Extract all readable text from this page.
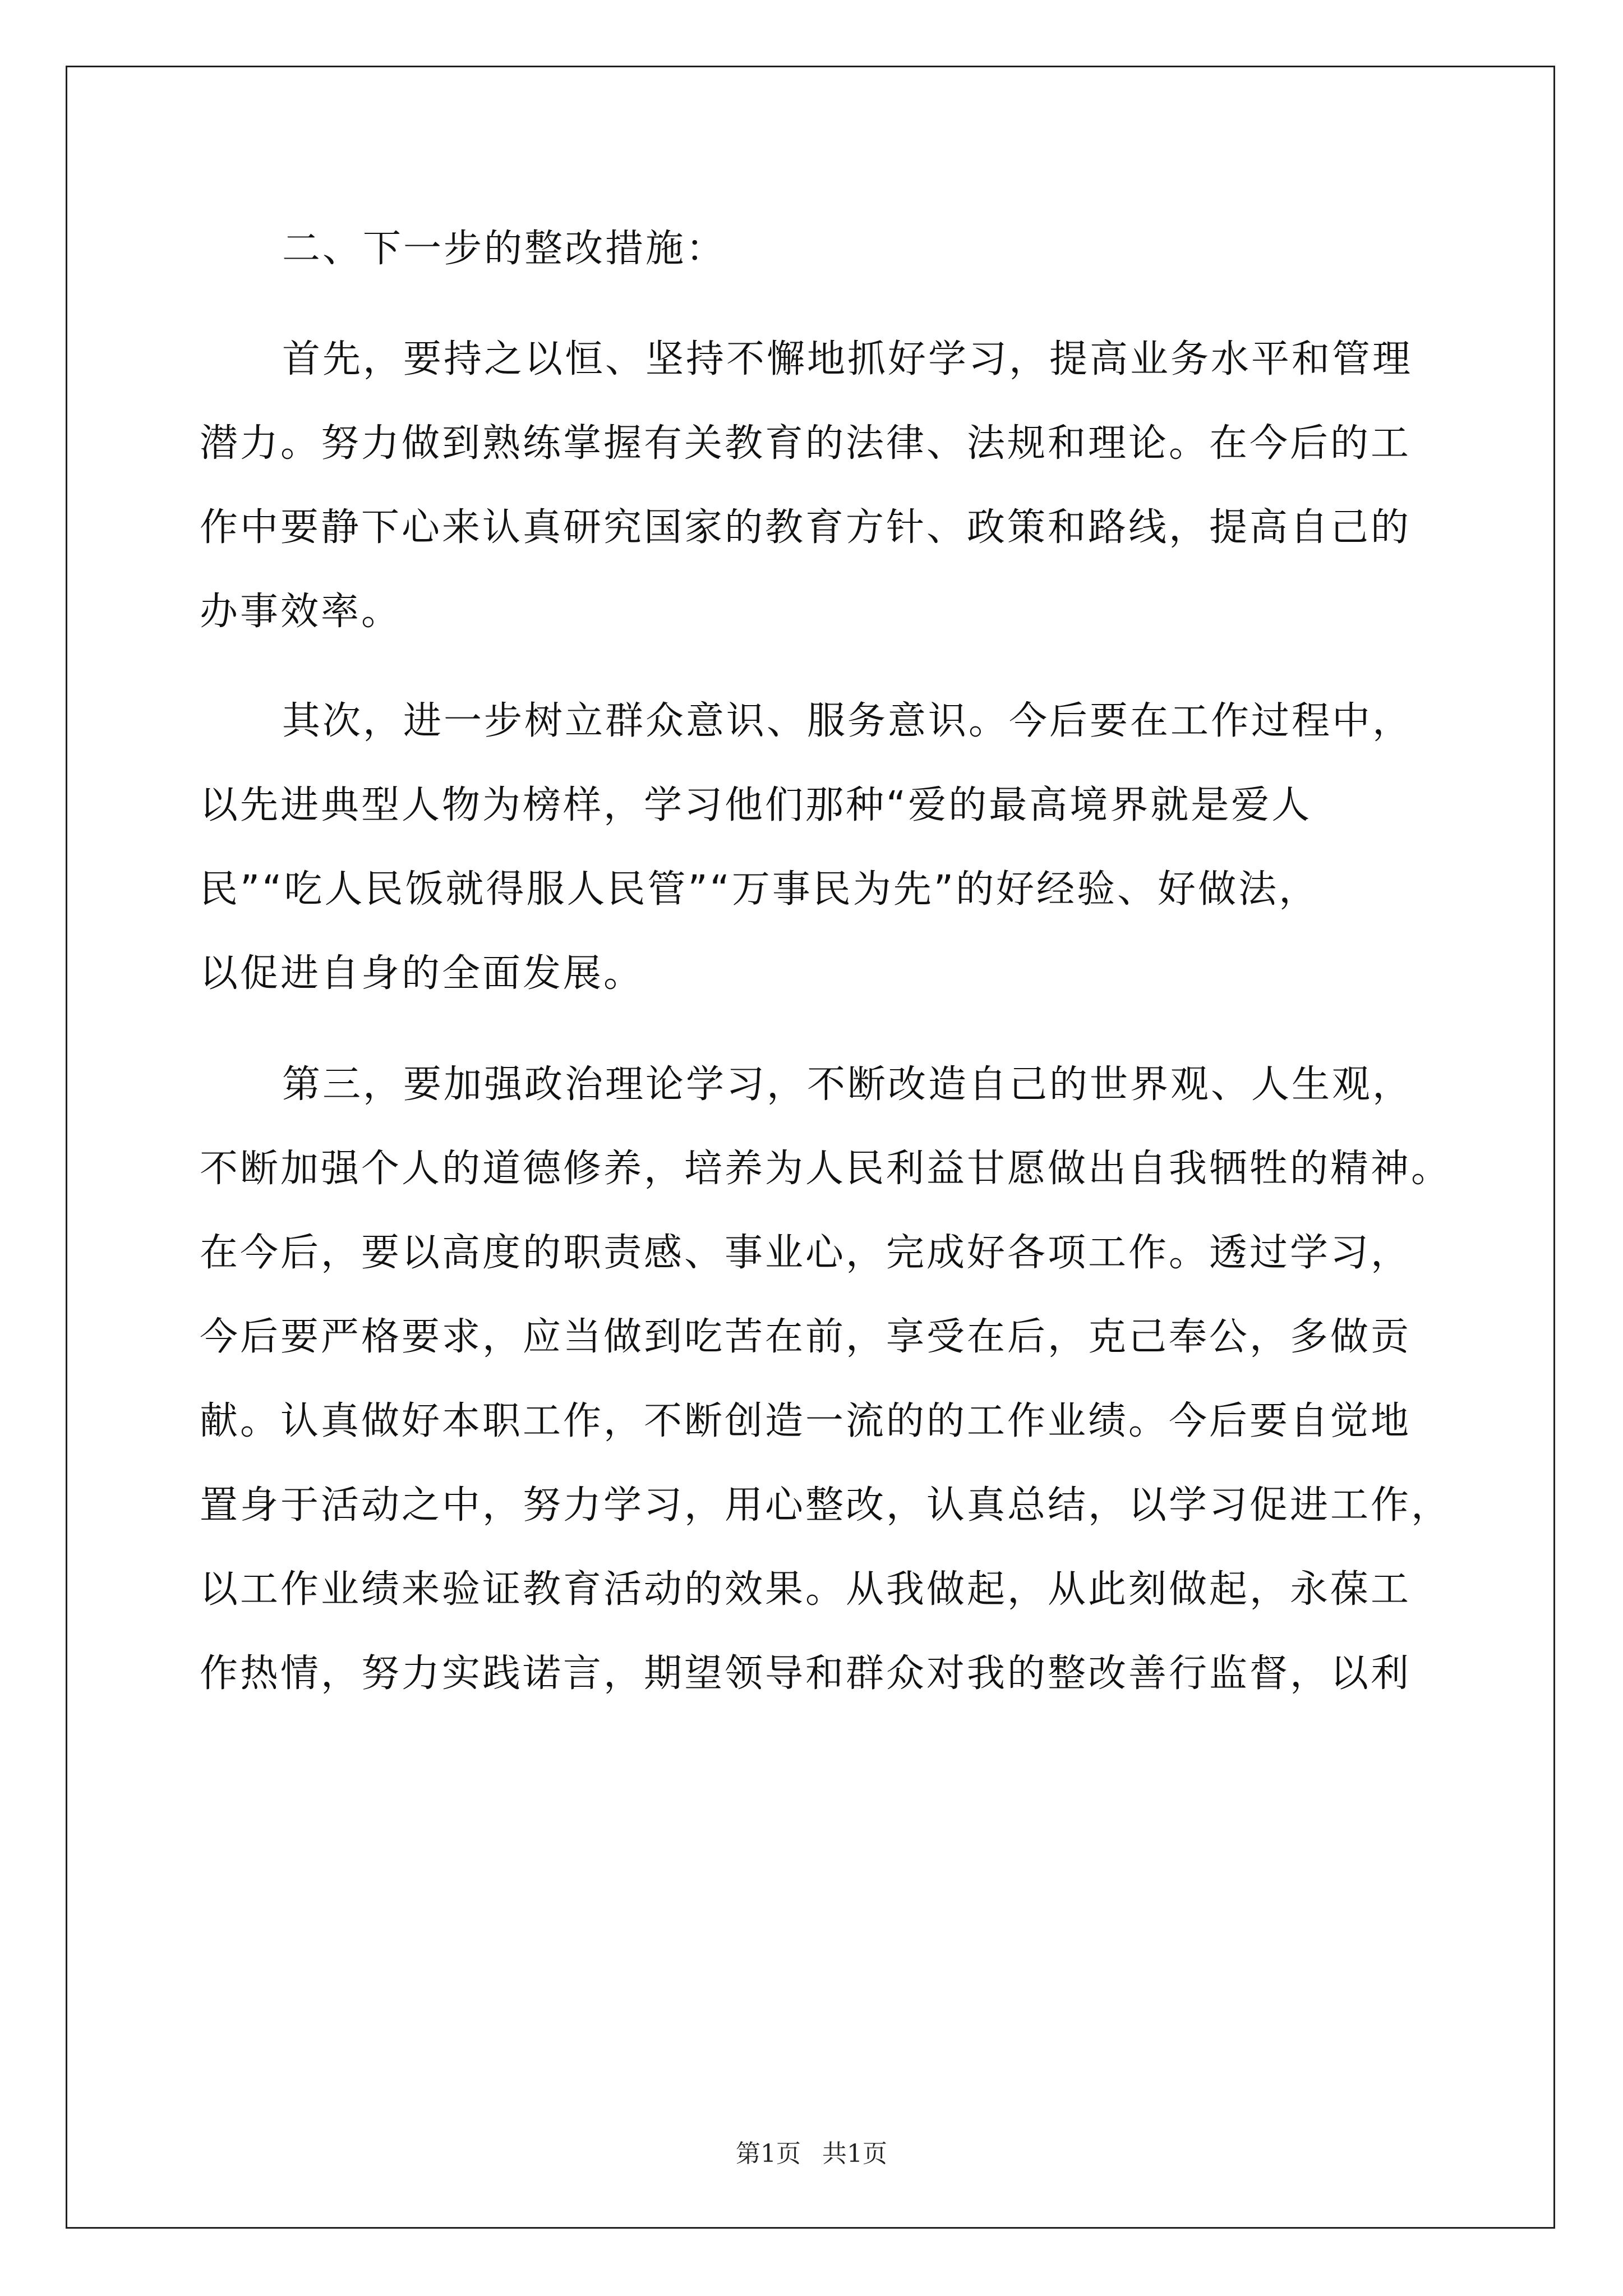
二、下一步的整改措施：
首先，要持之以恒、坚持不懈地抓好学习，提高业务水平和管理
潜力。努力做到熟练掌握有关教育的法律、法规和理论。在今后的工
作中要静下心来认真研究国家的教育方针、政策和路线，提高自己的
办事效率。
其次，进一步树立群众意识、服务意识。今后要在工作过程中，
以先进典型人物为榜样，学习他们那种“爱的最高境界就是爱人
民”“吃人民饭就得服人民管”“万事民为先”的好经验、好做法，
以促进自身的全面发展。
第三，要加强政治理论学习，不断改造自己的世界观、人生观，
不断加强个人的道德修养，培养为人民利益甘愿做出自我牺牲的精神。
在今后，要以高度的职责感、事业心，完成好各项工作。透过学习，
今后要严格要求，应当做到吃苦在前，享受在后，克己奉公，多做贡
献。认真做好本职工作，不断创造一流的的工作业绩。今后要自觉地
置身于活动之中，努力学习，用心整改，认真总结，以学习促进工作，
以工作业绩来验证教育活动的效果。从我做起，从此刻做起，永葆工
作热情，努力实践诺言，期望领导和群众对我的整改善行监督，以利
第1页 共1页
